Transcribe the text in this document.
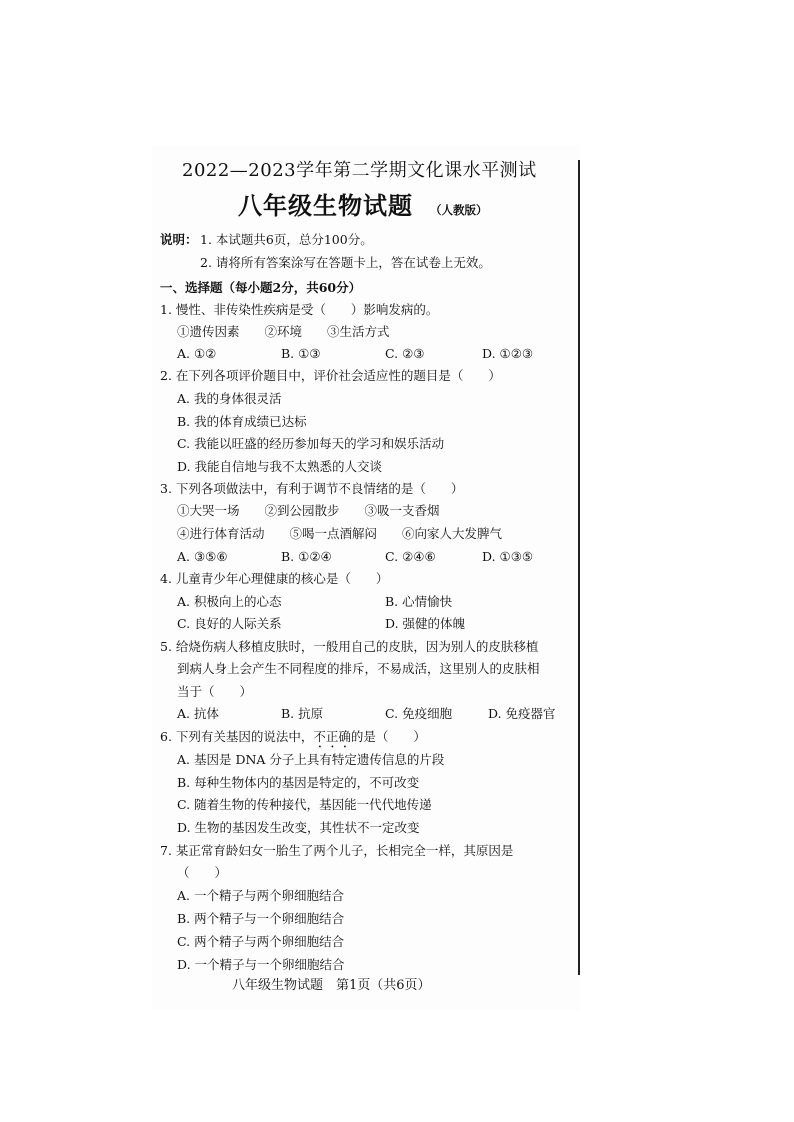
2022—2023学年第二学期文化课水平测试
八年级生物试题 （人教版）
说明： 1. 本试题共6页，总分100分。
2. 请将所有答案涂写在答题卡上，答在试卷上无效。
一、选择题（每小题2分，共60分）
1. 慢性、非传染性疾病是受（　　）影响发病的。
①遗传因素　　②环境　　③生活方式
A. ①②	B. ①③	C. ②③	D. ①②③
2. 在下列各项评价题目中，评价社会适应性的题目是（　　）
A. 我的身体很灵活
B. 我的体育成绩已达标
C. 我能以旺盛的经历参加每天的学习和娱乐活动
D. 我能自信地与我不太熟悉的人交谈
3. 下列各项做法中，有利于调节不良情绪的是（　　）
①大哭一场　　②到公园散步　　③吸一支香烟
④进行体育活动　　⑤喝一点酒解闷　　⑥向家人大发脾气
A. ③⑤⑥	B. ①②④	C. ②④⑥	D. ①③⑤
4. 儿童青少年心理健康的核心是（　　）
A. 积极向上的心态	B. 心情愉快
C. 良好的人际关系	D. 强健的体魄
5. 给烧伤病人移植皮肤时，一般用自己的皮肤，因为别人的皮肤移植
到病人身上会产生不同程度的排斥，不易成活，这里别人的皮肤相
当于（　　）
A. 抗体	B. 抗原	C. 免疫细胞	D. 免疫器官
6. 下列有关基因的说法中，不正确的是（　　）
A. 基因是 DNA 分子上具有特定遗传信息的片段
B. 每种生物体内的基因是特定的，不可改变
C. 随着生物的传种接代，基因能一代代地传递
D. 生物的基因发生改变，其性状不一定改变
7. 某正常育龄妇女一胎生了两个儿子，长相完全一样，其原因是
（　　）
A. 一个精子与两个卵细胞结合
B. 两个精子与一个卵细胞结合
C. 两个精子与两个卵细胞结合
D. 一个精子与一个卵细胞结合
八年级生物试题　第1页（共6页）
